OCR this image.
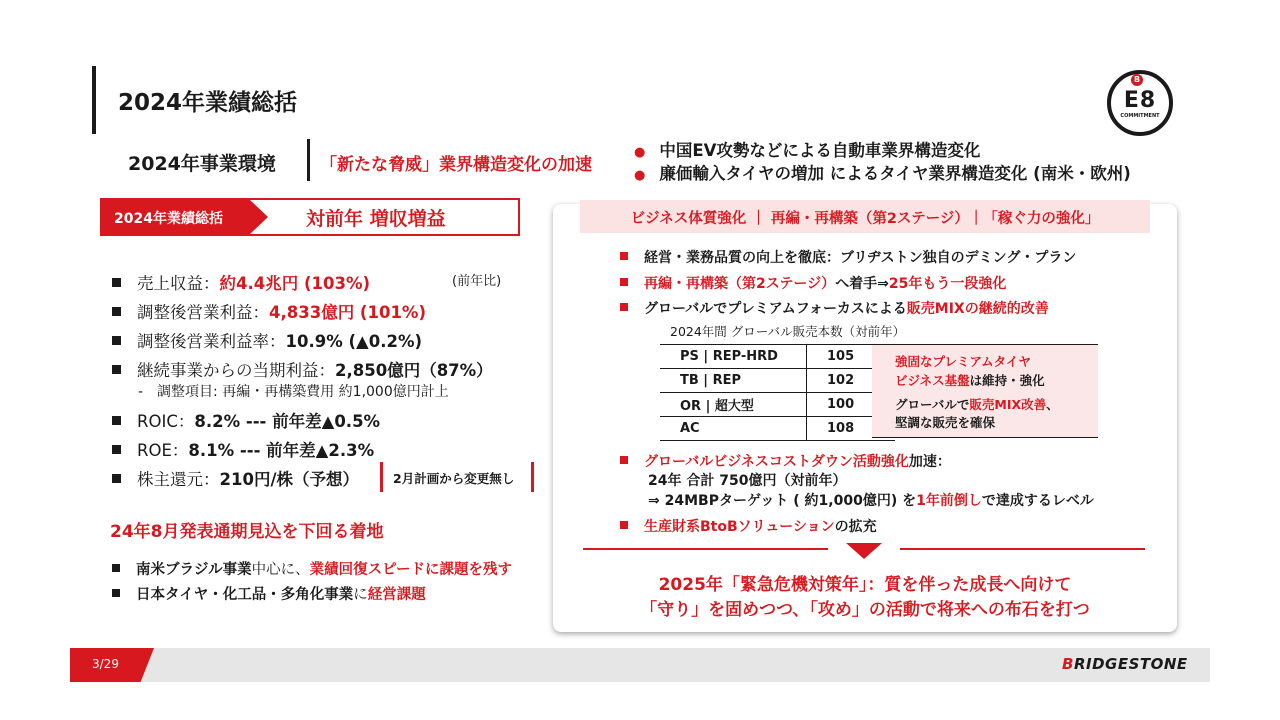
2024年業績総括
B
E8
COMMITMENT
2024年事業環境	「新たな脅威」業界構造変化の加速
● 中国EV攻勢などによる自動車業界構造変化
● 廉価輸入タイヤの増加 によるタイヤ業界構造変化 (南米・欧州)
2024年業績総括	対前年 増収増益
(前年比)
売上収益：約4.4兆円 (103%)
調整後営業利益：4,833億円 (101%)
調整後営業利益率：10.9% (▲0.2%)
継続事業からの当期利益：2,850億円（87%）
-　調整項目: 再編・再構築費用 約1,000億円計上
ROIC：8.2% --- 前年差▲0.5%
ROE：8.1% --- 前年差▲2.3%
株主還元：210円/株（予想）	2月計画から変更無し
24年8月発表通期見込を下回る着地
南米ブラジル事業中心に、業績回復スピードに課題を残す
日本タイヤ・化工品・多角化事業に経営課題
ビジネス体質強化 ｜ 再編・再構築（第2ステージ）｜「稼ぐ力の強化」
経営・業務品質の向上を徹底：ブリヂストン独自のデミング・プラン
再編・再構築（第2ステージ）へ着手⇒25年もう一段強化
グローバルでプレミアムフォーカスによる販売MIXの継続的改善
2024年間 グローバル販売本数（対前年）
PS | REP-HRD	105
TB | REP	102
OR | 超大型	100
AC	108
強固なプレミアムタイヤ
ビジネス基盤は維持・強化
グローバルで販売MIX改善、
堅調な販売を確保
グローバルビジネスコストダウン活動強化加速：
24年 合計 750億円（対前年）
⇒ 24MBPターゲット ( 約1,000億円) を1年前倒しで達成するレベル
生産財系BtoBソリューションの拡充
2025年「緊急危機対策年」：質を伴った成長へ向けて
「守り」を固めつつ、「攻め」の活動で将来への布石を打つ
3/29	BRIDGESTONE
